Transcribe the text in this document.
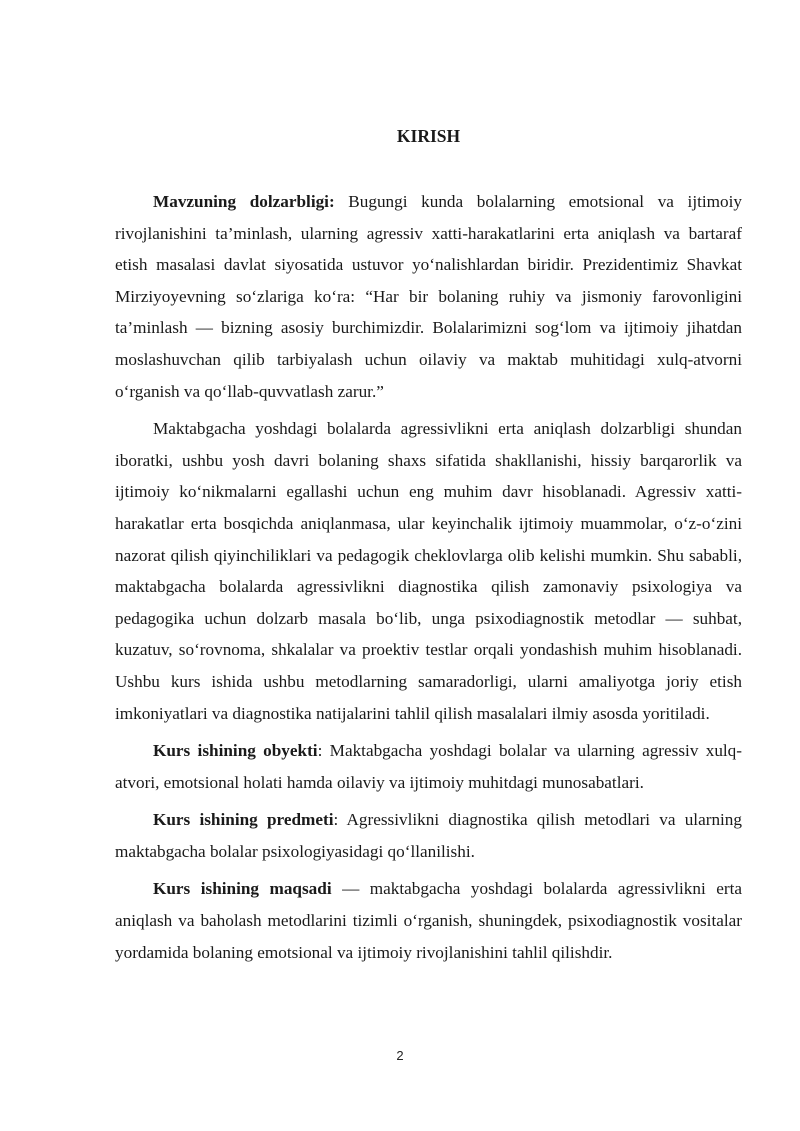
KIRISH

Mavzuning dolzarbligi: Bugungi kunda bolalarning emotsional va ijtimoiy rivojlanishini ta’minlash, ularning agressiv xatti-harakatlarini erta aniqlash va bartaraf etish masalasi davlat siyosatida ustuvor yo‘nalishlardan biridir. Prezidentimiz Shavkat Mirziyoyevning so‘zlariga ko‘ra: “Har bir bolaning ruhiy va jismoniy farovonligini ta’minlash — bizning asosiy burchimizdir. Bolalarimizni sog‘lom va ijtimoiy jihatdan moslashuvchan qilib tarbiyalash uchun oilaviy va maktab muhitidagi xulq-atvorni o‘rganish va qo‘llab-quvvatlash zarur.”

Maktabgacha yoshdagi bolalarda agressivlikni erta aniqlash dolzarbligi shundan iboratki, ushbu yosh davri bolaning shaxs sifatida shakllanishi, hissiy barqarorlik va ijtimoiy ko‘nikmalarni egallashi uchun eng muhim davr hisoblanadi. Agressiv xatti-harakatlar erta bosqichda aniqlanmasa, ular keyinchalik ijtimoiy muammolar, o‘z-o‘zini nazorat qilish qiyinchiliklari va pedagogik cheklovlarga olib kelishi mumkin. Shu sababli, maktabgacha bolalarda agressivlikni diagnostika qilish zamonaviy psixologiya va pedagogika uchun dolzarb masala bo‘lib, unga psixodiagnostik metodlar — suhbat, kuzatuv, so‘rovnoma, shkalalar va proektiv testlar orqali yondashish muhim hisoblanadi. Ushbu kurs ishida ushbu metodlarning samaradorligi, ularni amaliyotga joriy etish imkoniyatlari va diagnostika natijalarini tahlil qilish masalalari ilmiy asosda yoritiladi.

Kurs ishining obyekti: Maktabgacha yoshdagi bolalar va ularning agressiv xulq-atvori, emotsional holati hamda oilaviy va ijtimoiy muhitdagi munosabatlari.

Kurs ishining predmeti: Agressivlikni diagnostika qilish metodlari va ularning maktabgacha bolalar psixologiyasidagi qo‘llanilishi.

Kurs ishining maqsadi — maktabgacha yoshdagi bolalarda agressivlikni erta aniqlash va baholash metodlarini tizimli o‘rganish, shuningdek, psixodiagnostik vositalar yordamida bolaning emotsional va ijtimoiy rivojlanishini tahlil qilishdir.

2
